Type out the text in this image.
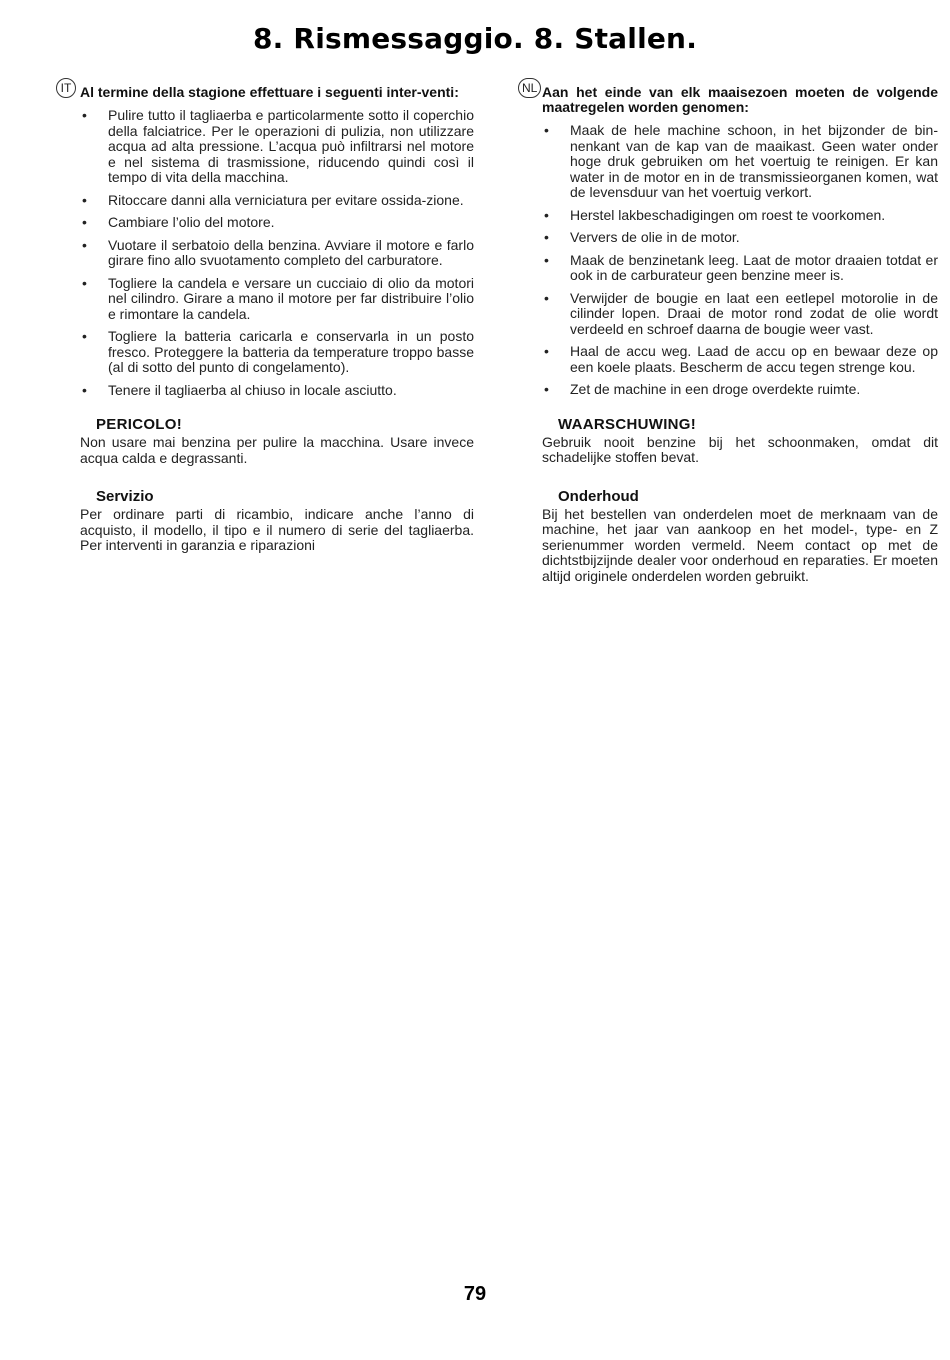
8. Rismessaggio. 8. Stallen.
IT Al termine della stagione effettuare i seguenti inter-venti:
• Pulire tutto il tagliaerba e particolarmente sotto il coperchio della falciatrice. Per le operazioni di pulizia, non utilizzare acqua ad alta pressione. L’acqua può infiltrarsi nel motore e nel sistema di trasmissione, riducendo quindi così il tempo di vita della macchina.
• Ritoccare danni alla verniciatura per evitare ossida-zione.
• Cambiare l’olio del motore.
• Vuotare il serbatoio della benzina. Avviare il motore e farlo girare fino allo svuotamento completo del carburatore.
• Togliere la candela e versare un cucciaio di olio da motori nel cilindro. Girare a mano il motore per far distribuire l’olio e rimontare la candela.
• Togliere la batteria caricarla e conservarla in un posto fresco. Proteggere la batteria da temperature troppo basse (al di sotto del punto di congelamento).
• Tenere il tagliaerba al chiuso in locale asciutto.
PERICOLO!
Non usare mai benzina per pulire la macchina. Usare invece acqua calda e degrassanti.
Servizio
Per ordinare parti di ricambio, indicare anche l’anno di acquisto, il modello, il tipo e il numero di serie del tagliaerba. Per interventi in garanzia e riparazioni
NL Aan het einde van elk maaisezoen moeten de volgende maatregelen worden genomen:
• Maak de hele machine schoon, in het bijzonder de bin-nenkant van de kap van de maaikast. Geen water onder hoge druk gebruiken om het voertuig te reinigen. Er kan water in de motor en in de transmissieorganen komen, wat de levensduur van het voertuig verkort.
• Herstel lakbeschadigingen om roest te voorkomen.
• Ververs de olie in de motor.
• Maak de benzinetank leeg. Laat de motor draaien totdat er ook in de carburateur geen benzine meer is.
• Verwijder de bougie en laat een eetlepel motorolie in de cilinder lopen. Draai de motor rond zodat de olie wordt verdeeld en schroef daarna de bougie weer vast.
• Haal de accu weg. Laad de accu op en bewaar deze op een koele plaats. Bescherm de accu tegen strenge kou.
• Zet de machine in een droge overdekte ruimte.
WAARSCHUWING!
Gebruik nooit benzine bij het schoonmaken, omdat dit schadelijke stoffen bevat.
Onderhoud
Bij het bestellen van onderdelen moet de merknaam van de machine, het jaar van aankoop en het model-, type- en Z serienummer worden vermeld. Neem contact op met de dichtstbijzijnde dealer voor onderhoud en reparaties. Er moeten altijd originele onderdelen worden gebruikt.
79
